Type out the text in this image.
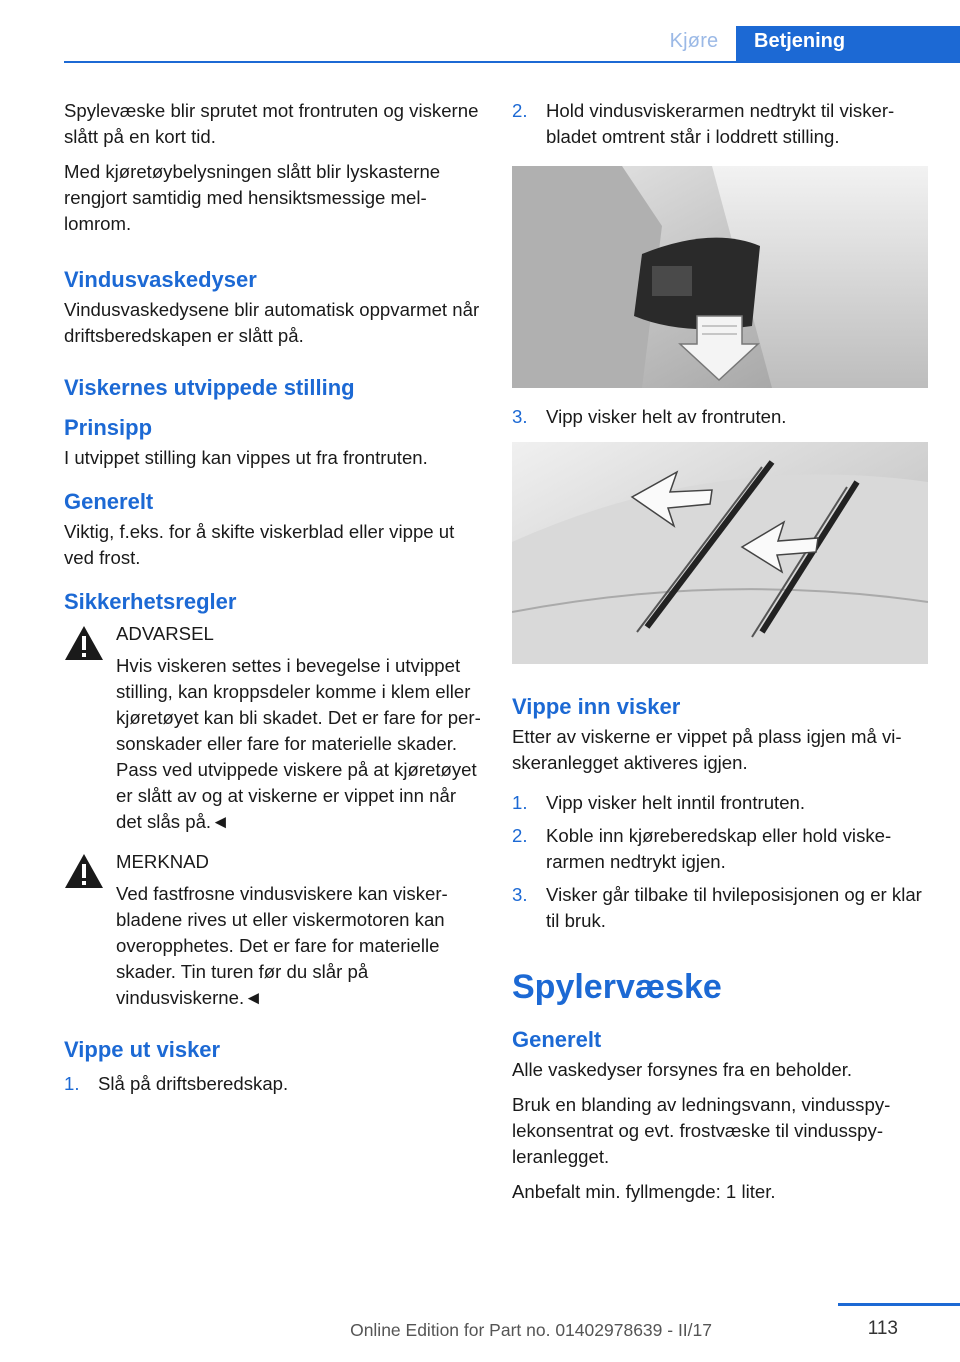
Kjøre	Betjening

Spylevæske blir sprutet mot frontruten og viskerne slått på en kort tid.

Med kjøretøybelysningen slått blir lyskasterne rengjort samtidig med hensiktsmessige mellomrom.

Vindusvaskedyser

Vindusvaskedysene blir automatisk oppvarmet når driftsberedskapen er slått på.

Viskernes utvippede stilling
Prinsipp

I utvippet stilling kan vippes ut fra frontruten.

Generelt

Viktig, f.eks. for å skifte viskerblad eller vippe ut ved frost.

Sikkerhetsregler
ADVARSEL

Hvis viskeren settes i bevegelse i utvippet stilling, kan kroppsdeler komme i klem eller kjøretøyet kan bli skadet. Det er fare for personskader eller fare for materielle skader. Pass ved utvippede viskere på at kjøretøyet er slått av og at viskerne er vippet inn når det slås på.◄

MERKNAD

Ved fastfrosne vindusviskere kan viskerbladene rives ut eller viskermotoren kan overopphetes. Det er fare for materielle skader. Tin turen før du slår på vindusviskerne.◄

Vippe ut visker
1. Slå på driftsberedskap.
2. Hold vindusviskerarmen nedtrykt til viskerbladet omtrent står i loddrett stilling.
3. Vipp visker helt av frontruten.
Vippe inn visker

Etter av viskerne er vippet på plass igjen må viskeranlegget aktiveres igjen.

1. Vipp visker helt inntil frontruten.
2. Koble inn kjøreberedskap eller hold viskerarmen nedtrykt igjen.
3. Visker går tilbake til hvileposisjonen og er klar til bruk.
Spylervæske
Generelt

Alle vaskedyser forsynes fra en beholder.

Bruk en blanding av ledningsvann, vindusspylekonsentrat og evt. frostvæske til vindusspyleranlegget.

Anbefalt min. fyllmengde: 1 liter.

113
Online Edition for Part no. 01402978639 - II/17
